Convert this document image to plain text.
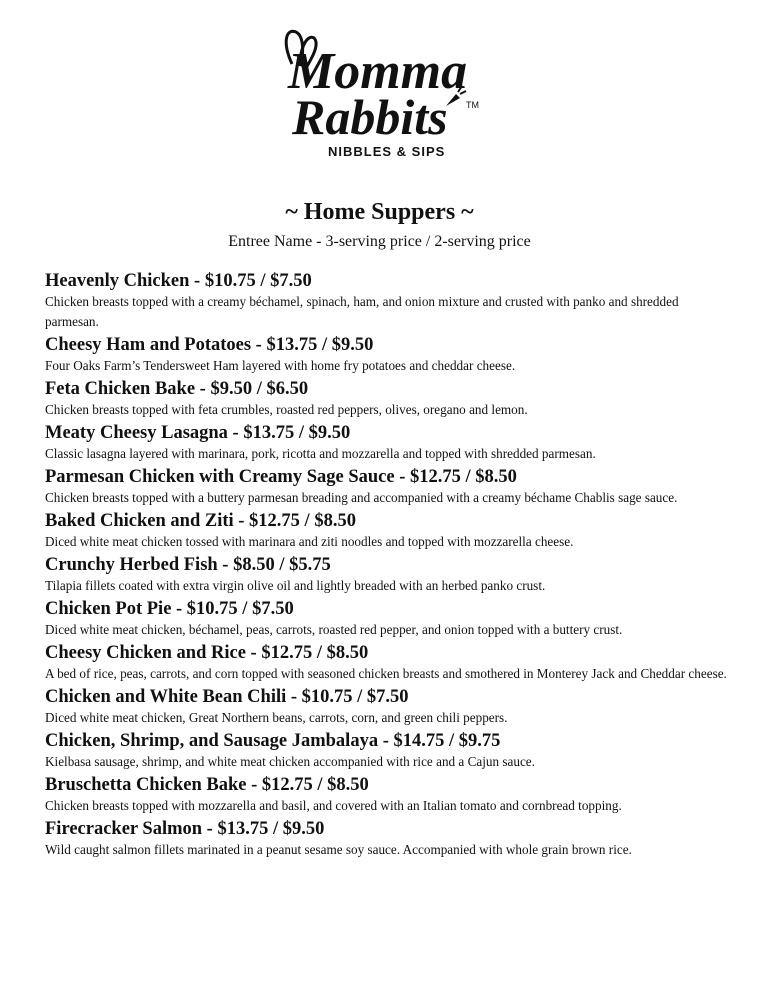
Momma
Rabbits TM
NIBBLES & SIPS
~ Home Suppers ~
Entree Name - 3-serving price / 2-serving price
Heavenly Chicken - $10.75 / $7.50
Chicken breasts topped with a creamy béchamel, spinach, ham, and onion mixture and crusted with panko and shredded parmesan.
Cheesy Ham and Potatoes - $13.75 / $9.50
Four Oaks Farm’s Tendersweet Ham layered with home fry potatoes and cheddar cheese.
Feta Chicken Bake - $9.50 / $6.50
Chicken breasts topped with feta crumbles, roasted red peppers, olives, oregano and lemon.
Meaty Cheesy Lasagna - $13.75 / $9.50
Classic lasagna layered with marinara, pork, ricotta and mozzarella and topped with shredded parmesan.
Parmesan Chicken with Creamy Sage Sauce - $12.75 / $8.50
Chicken breasts topped with a buttery parmesan breading and accompanied with a creamy béchame Chablis sage sauce.
Baked Chicken and Ziti - $12.75 / $8.50
Diced white meat chicken tossed with marinara and ziti noodles and topped with mozzarella cheese.
Crunchy Herbed Fish - $8.50 / $5.75
Tilapia fillets coated with extra virgin olive oil and lightly breaded with an herbed panko crust.
Chicken Pot Pie - $10.75 / $7.50
Diced white meat chicken, béchamel, peas, carrots, roasted red pepper, and onion topped with a buttery crust.
Cheesy Chicken and Rice - $12.75 / $8.50
A bed of rice, peas, carrots, and corn topped with seasoned chicken breasts and smothered in Monterey Jack and Cheddar cheese.
Chicken and White Bean Chili - $10.75 / $7.50
Diced white meat chicken, Great Northern beans, carrots, corn, and green chili peppers.
Chicken, Shrimp, and Sausage Jambalaya - $14.75 / $9.75
Kielbasa sausage, shrimp, and white meat chicken accompanied with rice and a Cajun sauce.
Bruschetta Chicken Bake - $12.75 / $8.50
Chicken breasts topped with mozzarella and basil, and covered with an Italian tomato and cornbread topping.
Firecracker Salmon - $13.75 / $9.50
Wild caught salmon fillets marinated in a peanut sesame soy sauce. Accompanied with whole grain brown rice.
